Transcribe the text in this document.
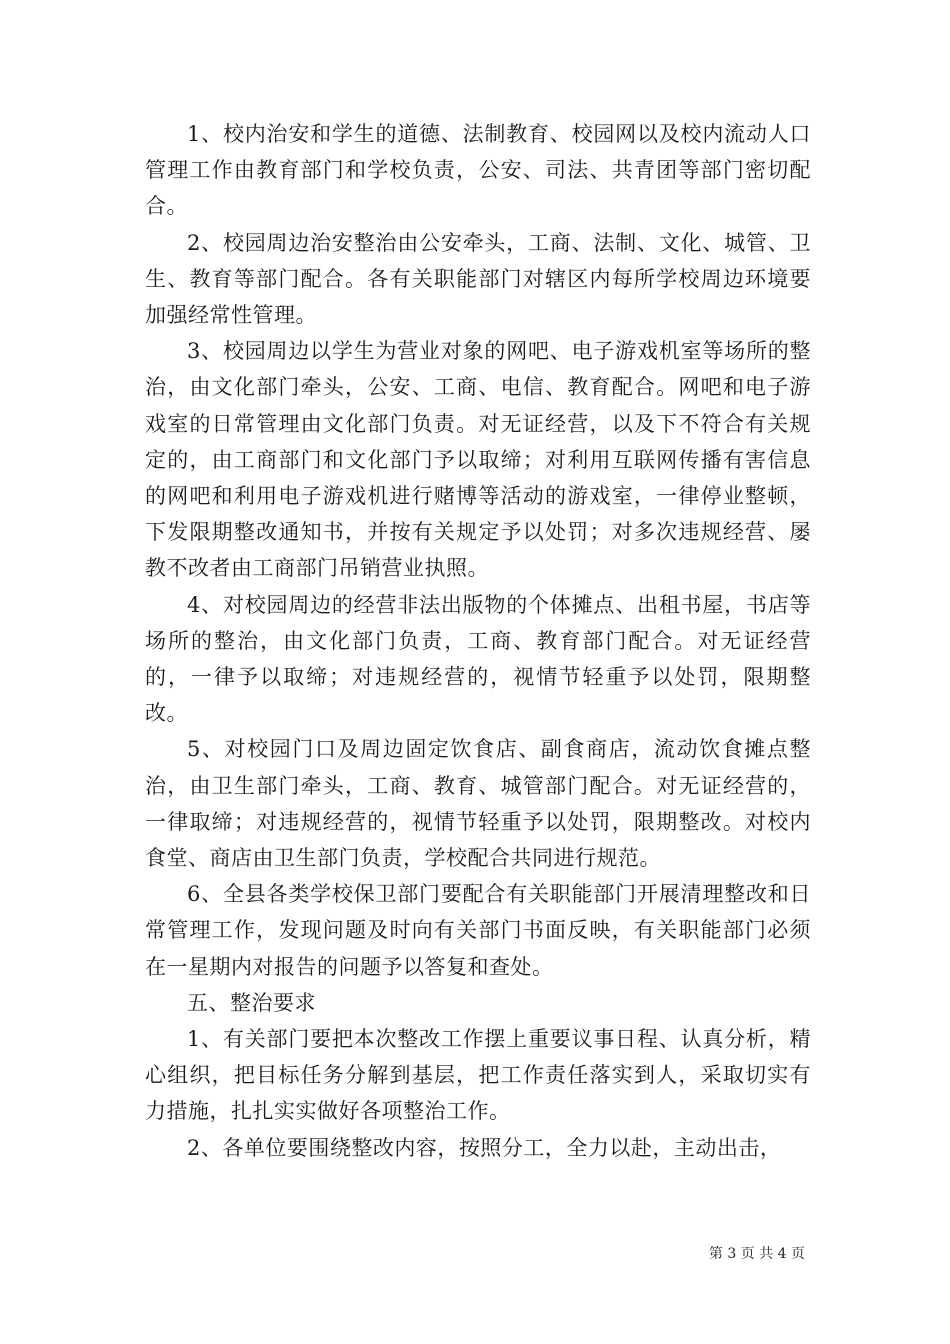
1、校内治安和学生的道德、法制教育、校园网以及校内流动人口管理工作由教育部门和学校负责，公安、司法、共青团等部门密切配合。

2、校园周边治安整治由公安牵头，工商、法制、文化、城管、卫生、教育等部门配合。各有关职能部门对辖区内每所学校周边环境要加强经常性管理。

3、校园周边以学生为营业对象的网吧、电子游戏机室等场所的整治，由文化部门牵头，公安、工商、电信、教育配合。网吧和电子游戏室的日常管理由文化部门负责。对无证经营，以及下不符合有关规定的，由工商部门和文化部门予以取缔；对利用互联网传播有害信息的网吧和利用电子游戏机进行赌博等活动的游戏室，一律停业整顿，下发限期整改通知书，并按有关规定予以处罚；对多次违规经营、屡教不改者由工商部门吊销营业执照。

4、对校园周边的经营非法出版物的个体摊点、出租书屋，书店等场所的整治，由文化部门负责，工商、教育部门配合。对无证经营的，一律予以取缔；对违规经营的，视情节轻重予以处罚，限期整改。

5、对校园门口及周边固定饮食店、副食商店，流动饮食摊点整治，由卫生部门牵头，工商、教育、城管部门配合。对无证经营的，一律取缔；对违规经营的，视情节轻重予以处罚，限期整改。对校内食堂、商店由卫生部门负责，学校配合共同进行规范。

6、全县各类学校保卫部门要配合有关职能部门开展清理整改和日常管理工作，发现问题及时向有关部门书面反映，有关职能部门必须在一星期内对报告的问题予以答复和查处。

五、整治要求

1、有关部门要把本次整改工作摆上重要议事日程、认真分析，精心组织，把目标任务分解到基层，把工作责任落实到人，采取切实有力措施，扎扎实实做好各项整治工作。

2、各单位要围绕整改内容，按照分工，全力以赴，主动出击，

第 3 页 共 4 页
